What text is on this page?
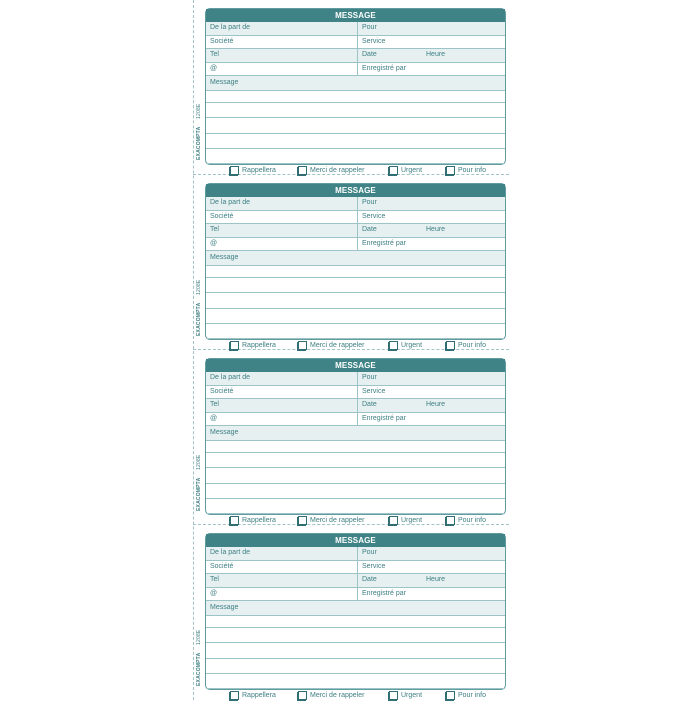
EXACOMPTA 1208E
MESSAGE
De la part de	Pour
Société	Service
Tel	Date	Heure
@	Enregistré par
Message
Rappellera	Merci de rappeler	Urgent	Pour info
EXACOMPTA 1208E
MESSAGE
De la part de	Pour
Société	Service
Tel	Date	Heure
@	Enregistré par
Message
Rappellera	Merci de rappeler	Urgent	Pour info
EXACOMPTA 1208E
MESSAGE
De la part de	Pour
Société	Service
Tel	Date	Heure
@	Enregistré par
Message
Rappellera	Merci de rappeler	Urgent	Pour info
EXACOMPTA 1208E
MESSAGE
De la part de	Pour
Société	Service
Tel	Date	Heure
@	Enregistré par
Message
Rappellera	Merci de rappeler	Urgent	Pour info
